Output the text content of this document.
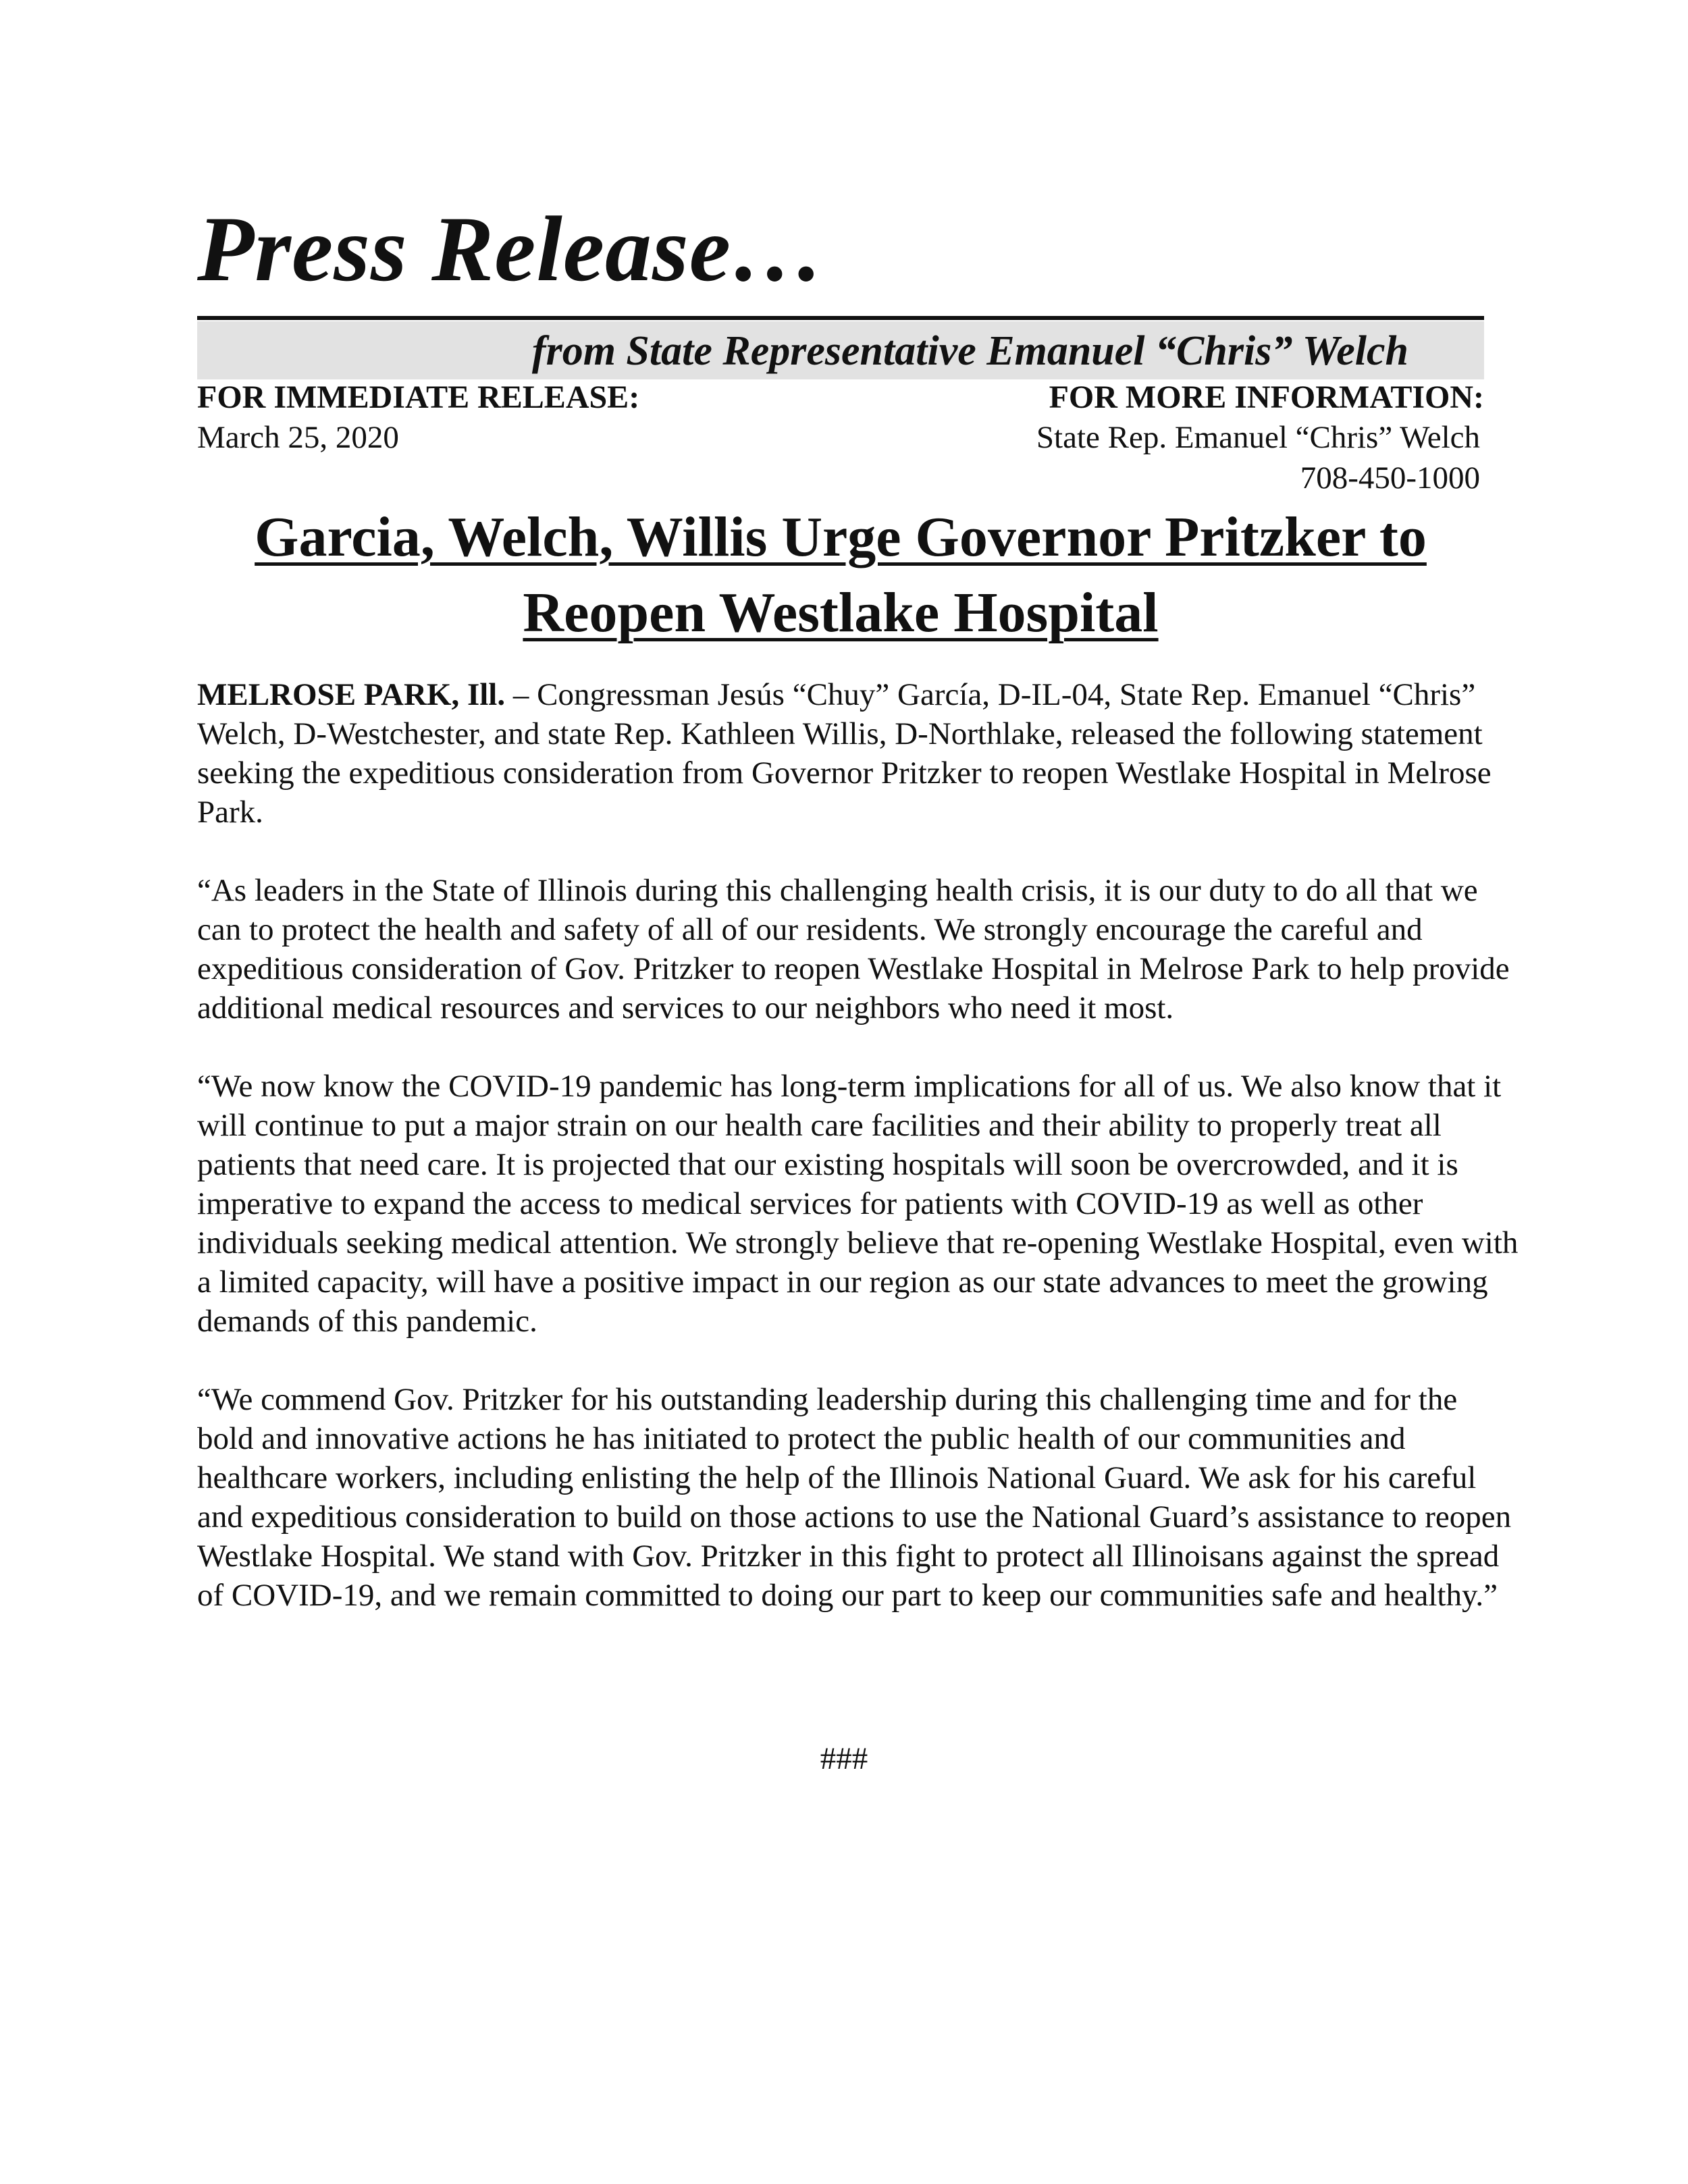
Press Release…
from State Representative Emanuel “Chris” Welch
FOR IMMEDIATE RELEASE:	FOR MORE INFORMATION:
March 25, 2020	State Rep. Emanuel “Chris” Welch
708-450-1000
Garcia, Welch, Willis Urge Governor Pritzker to
Reopen Westlake Hospital

MELROSE PARK, Ill. – Congressman Jesús “Chuy” García, D-IL-04, State Rep. Emanuel “Chris” Welch, D-Westchester, and state Rep. Kathleen Willis, D-Northlake, released the following statement seeking the expeditious consideration from Governor Pritzker to reopen Westlake Hospital in Melrose Park.

“As leaders in the State of Illinois during this challenging health crisis, it is our duty to do all that we can to protect the health and safety of all of our residents. We strongly encourage the careful and expeditious consideration of Gov. Pritzker to reopen Westlake Hospital in Melrose Park to help provide additional medical resources and services to our neighbors who need it most.

“We now know the COVID-19 pandemic has long-term implications for all of us. We also know that it will continue to put a major strain on our health care facilities and their ability to properly treat all patients that need care. It is projected that our existing hospitals will soon be overcrowded, and it is imperative to expand the access to medical services for patients with COVID-19 as well as other individuals seeking medical attention. We strongly believe that re-opening Westlake Hospital, even with a limited capacity, will have a positive impact in our region as our state advances to meet the growing demands of this pandemic.

“We commend Gov. Pritzker for his outstanding leadership during this challenging time and for the bold and innovative actions he has initiated to protect the public health of our communities and healthcare workers, including enlisting the help of the Illinois National Guard. We ask for his careful and expeditious consideration to build on those actions to use the National Guard’s assistance to reopen Westlake Hospital. We stand with Gov. Pritzker in this fight to protect all Illinoisans against the spread of COVID-19, and we remain committed to doing our part to keep our communities safe and healthy.”

###
